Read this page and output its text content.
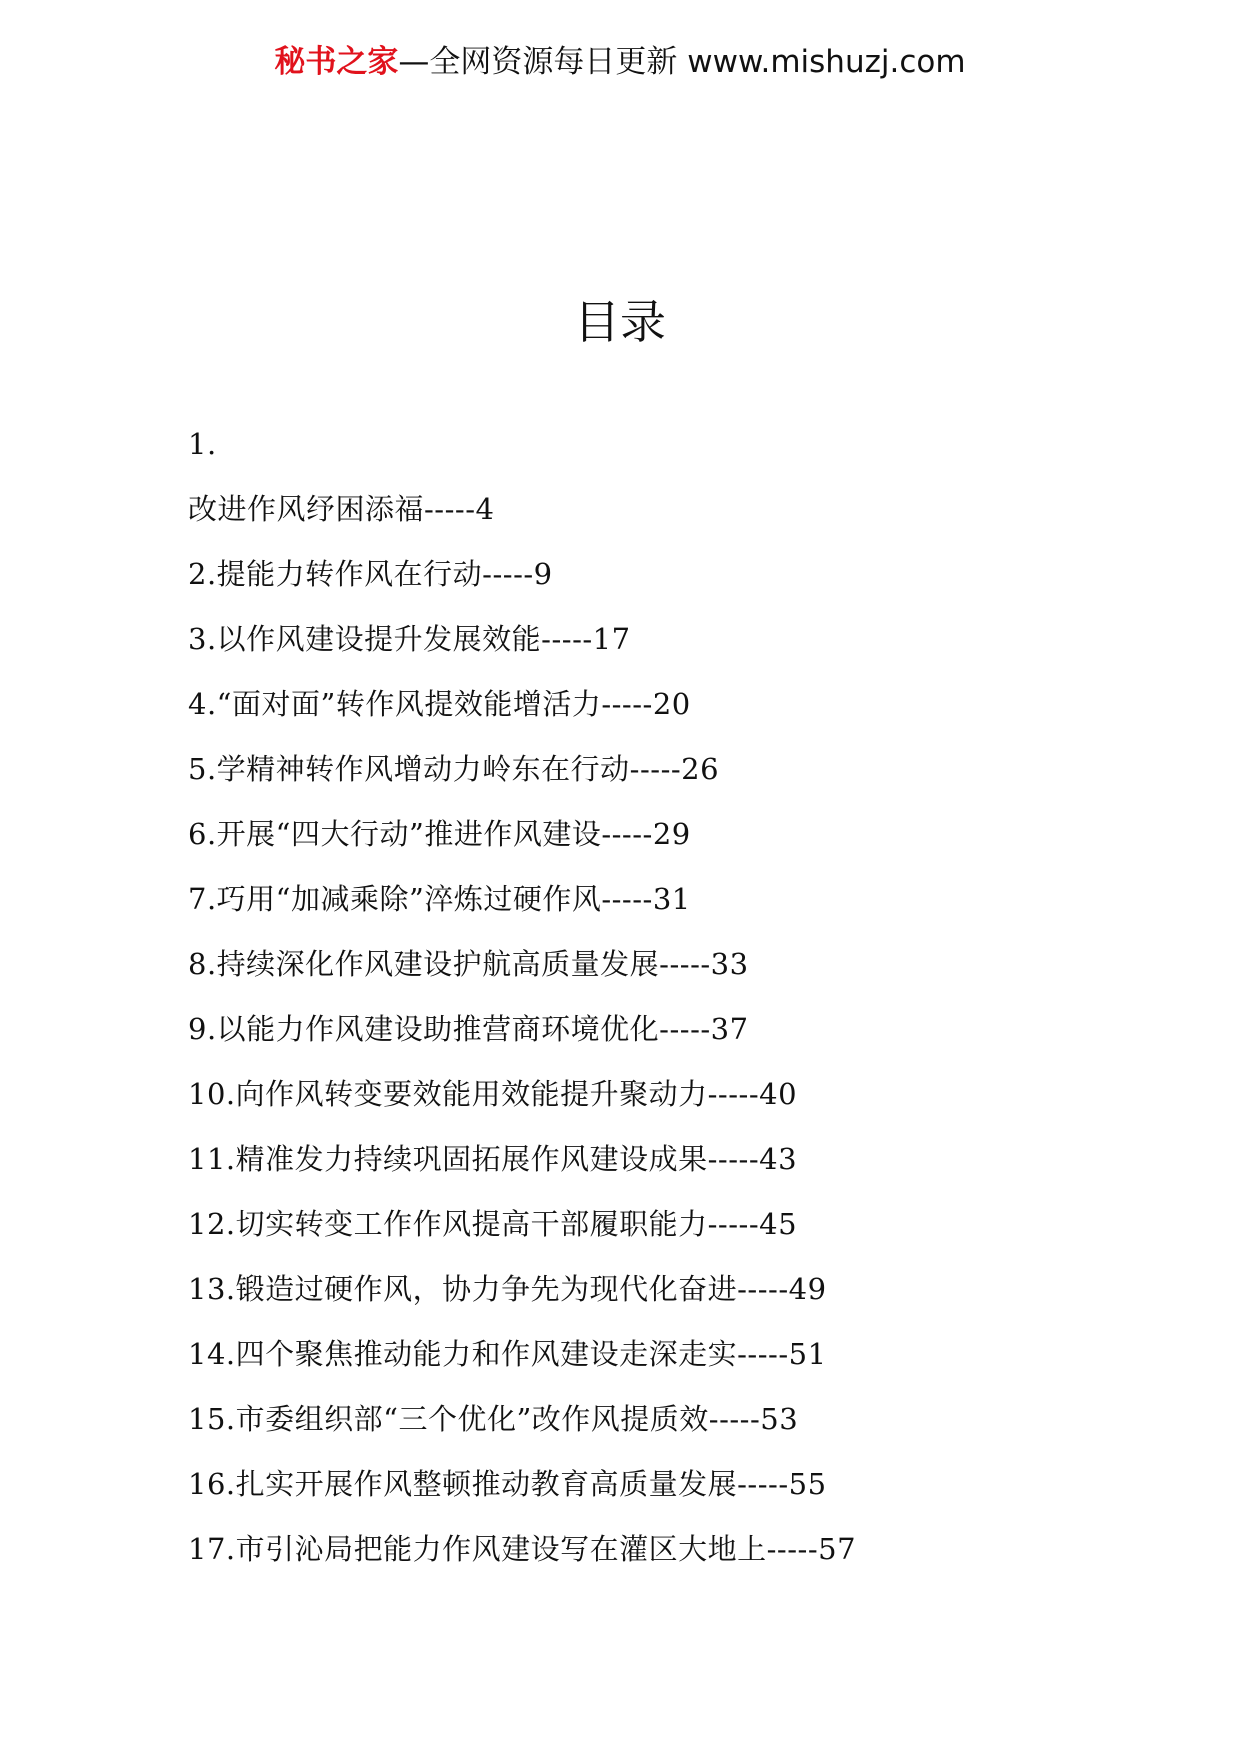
秘书之家—全网资源每日更新 www.mishuzj.com
目录
1.
改进作风纾困添福-----4
2.提能力转作风在行动-----9
3.以作风建设提升发展效能-----17
4.“面对面”转作风提效能增活力-----20
5.学精神转作风增动力岭东在行动-----26
6.开展“四大行动”推进作风建设-----29
7.巧用“加减乘除”淬炼过硬作风-----31
8.持续深化作风建设护航高质量发展-----33
9.以能力作风建设助推营商环境优化-----37
10.向作风转变要效能用效能提升聚动力-----40
11.精准发力持续巩固拓展作风建设成果-----43
12.切实转变工作作风提高干部履职能力-----45
13.锻造过硬作风，协力争先为现代化奋进-----49
14.四个聚焦推动能力和作风建设走深走实-----51
15.市委组织部“三个优化”改作风提质效-----53
16.扎实开展作风整顿推动教育高质量发展-----55
17.市引沁局把能力作风建设写在灌区大地上-----57
